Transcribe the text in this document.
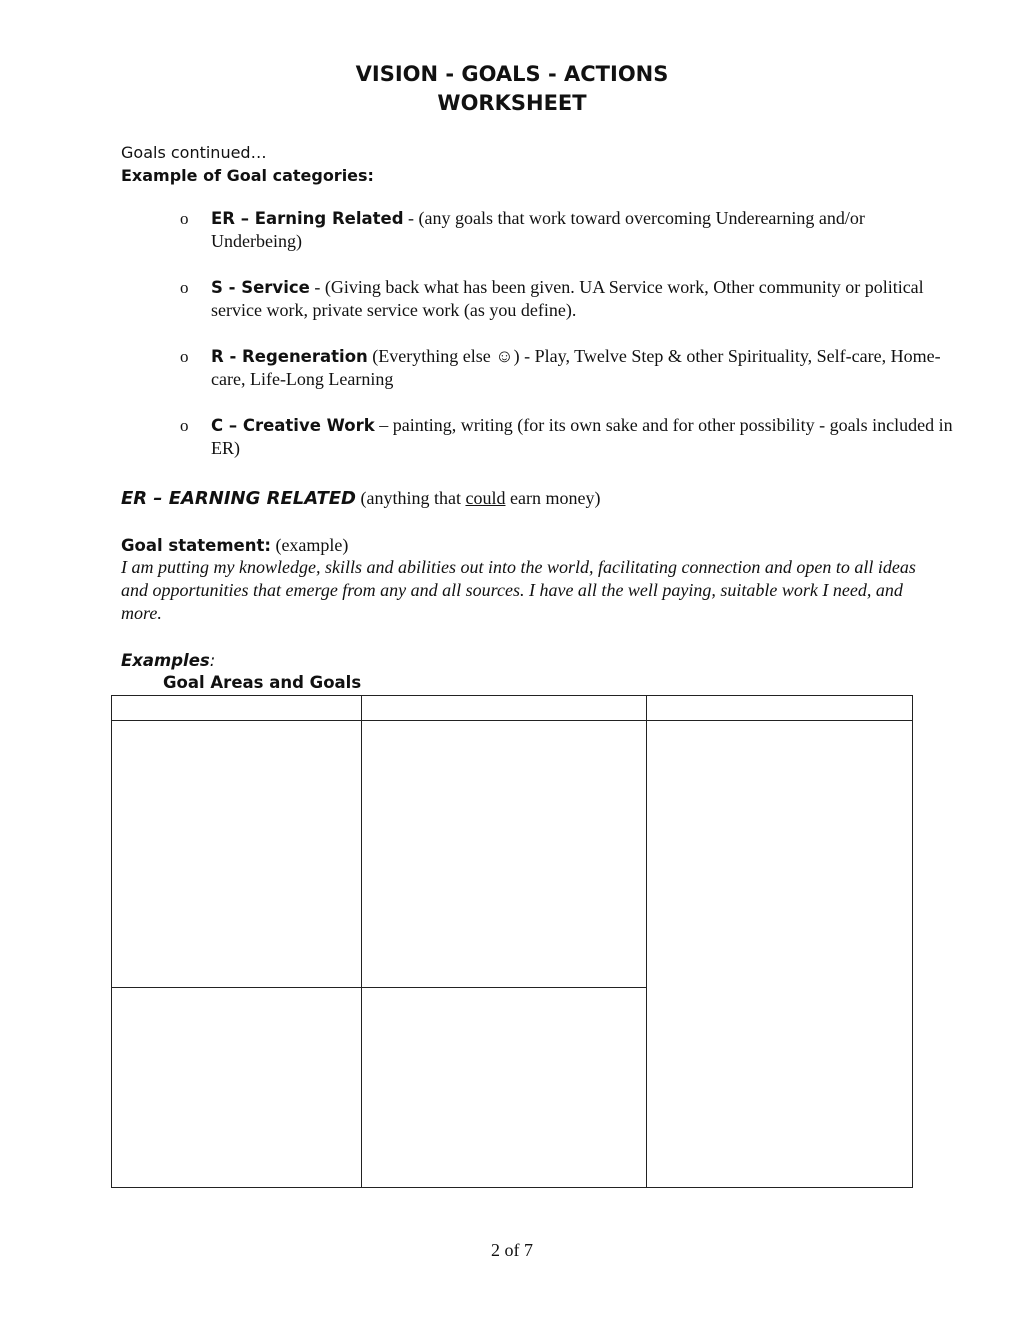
VISION - GOALS - ACTIONS
WORKSHEET
Goals continued…
Example of Goal categories:
o ER – Earning Related - (any goals that work toward overcoming Underearning and/or Underbeing)
o S - Service - (Giving back what has been given. UA Service work, Other community or political service work, private service work (as you define).
o R - Regeneration (Everything else ☺) - Play, Twelve Step & other Spirituality, Self-care, Home-care, Life-Long Learning
o C – Creative Work – painting, writing (for its own sake and for other possibility - goals included in ER)
ER – EARNING RELATED (anything that could earn money)
Goal statement: (example)
I am putting my knowledge, skills and abilities out into the world, facilitating connection and open to all ideas and opportunities that emerge from any and all sources. I have all the well paying, suitable work I need, and more.
Examples:
Goal Areas and Goals
2 of 7
